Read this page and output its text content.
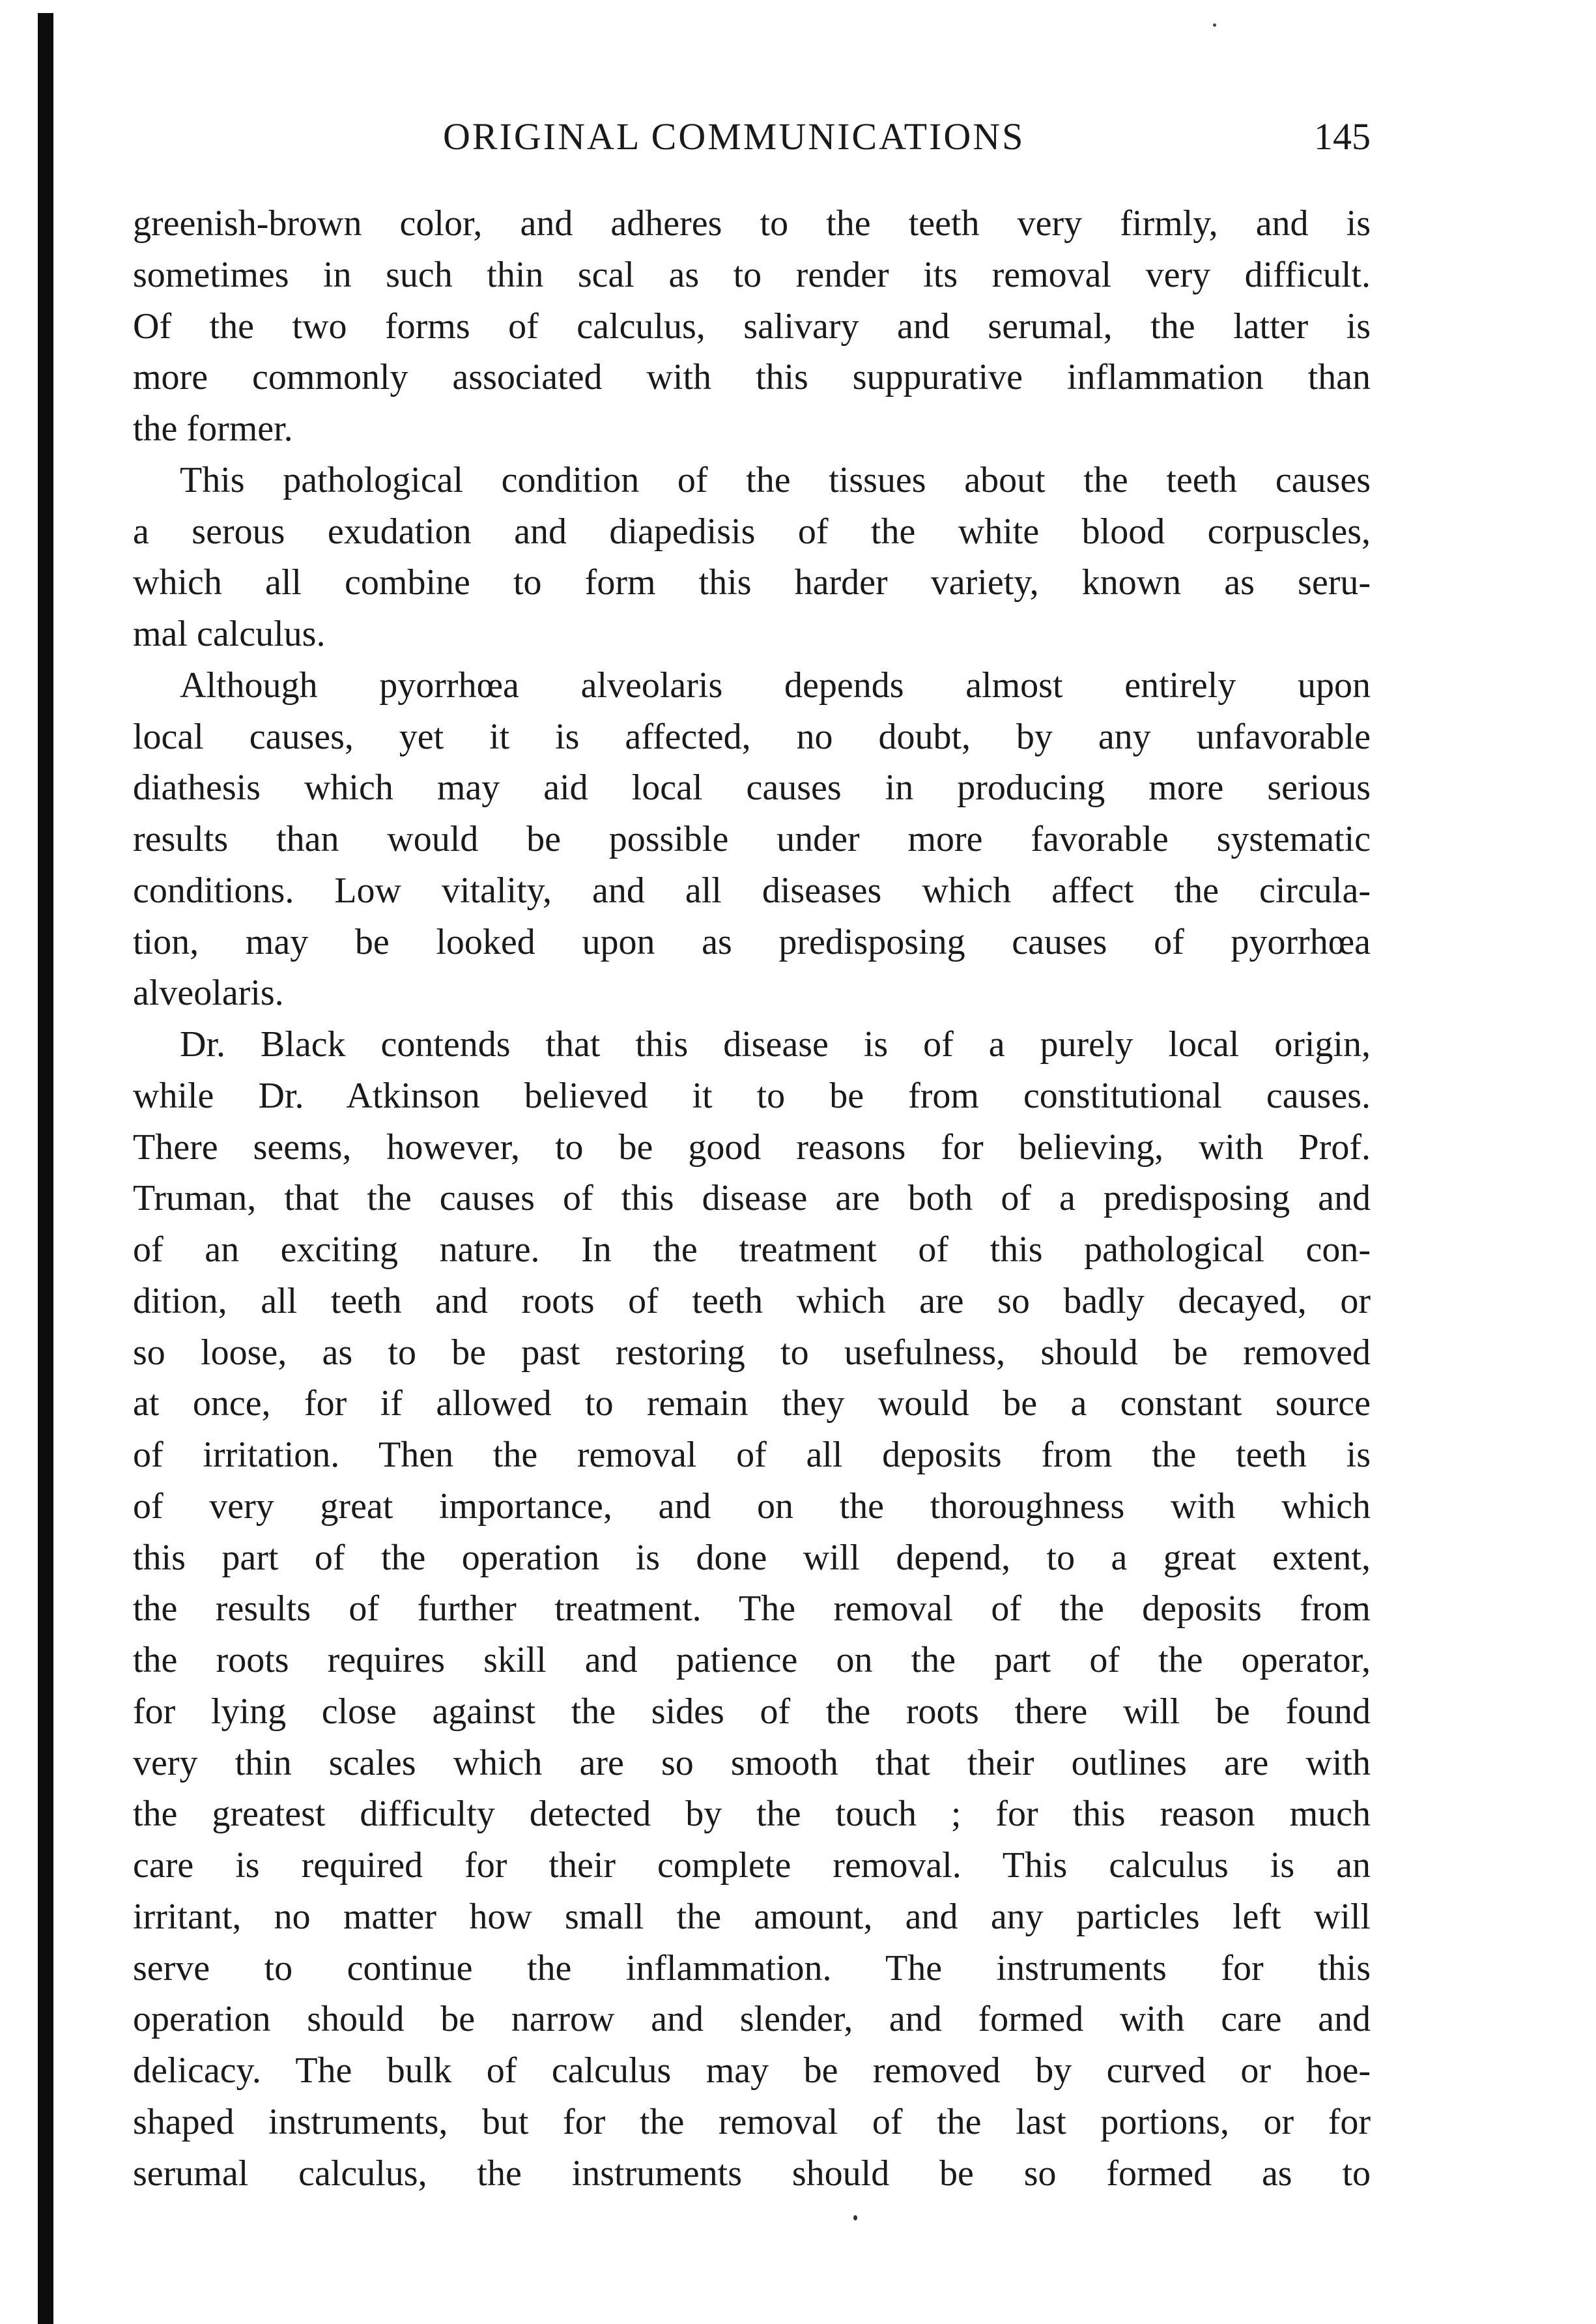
ORIGINAL COMMUNICATIONS	145
greenish-brown color, and adheres to the teeth very firmly, and is
sometimes in such thin scal as to render its removal very difficult.
Of the two forms of calculus, salivary and serumal, the latter is
more commonly associated with this suppurative inflammation than
the former.
This pathological condition of the tissues about the teeth causes
a serous exudation and diapedisis of the white blood corpuscles,
which all combine to form this harder variety, known as seru-
mal calculus.
Although pyorrhœa alveolaris depends almost entirely upon
local causes, yet it is affected, no doubt, by any unfavorable
diathesis which may aid local causes in producing more serious
results than would be possible under more favorable systematic
conditions. Low vitality, and all diseases which affect the circula-
tion, may be looked upon as predisposing causes of pyorrhœa
alveolaris.
Dr. Black contends that this disease is of a purely local origin,
while Dr. Atkinson believed it to be from constitutional causes.
There seems, however, to be good reasons for believing, with Prof.
Truman, that the causes of this disease are both of a predisposing and
of an exciting nature. In the treatment of this pathological con-
dition, all teeth and roots of teeth which are so badly decayed, or
so loose, as to be past restoring to usefulness, should be removed
at once, for if allowed to remain they would be a constant source
of irritation. Then the removal of all deposits from the teeth is
of very great importance, and on the thoroughness with which
this part of the operation is done will depend, to a great extent,
the results of further treatment. The removal of the deposits from
the roots requires skill and patience on the part of the operator,
for lying close against the sides of the roots there will be found
very thin scales which are so smooth that their outlines are with
the greatest difficulty detected by the touch ; for this reason much
care is required for their complete removal. This calculus is an
irritant, no matter how small the amount, and any particles left will
serve to continue the inflammation. The instruments for this
operation should be narrow and slender, and formed with care and
delicacy. The bulk of calculus may be removed by curved or hoe-
shaped instruments, but for the removal of the last portions, or for
serumal calculus, the instruments should be so formed as to
